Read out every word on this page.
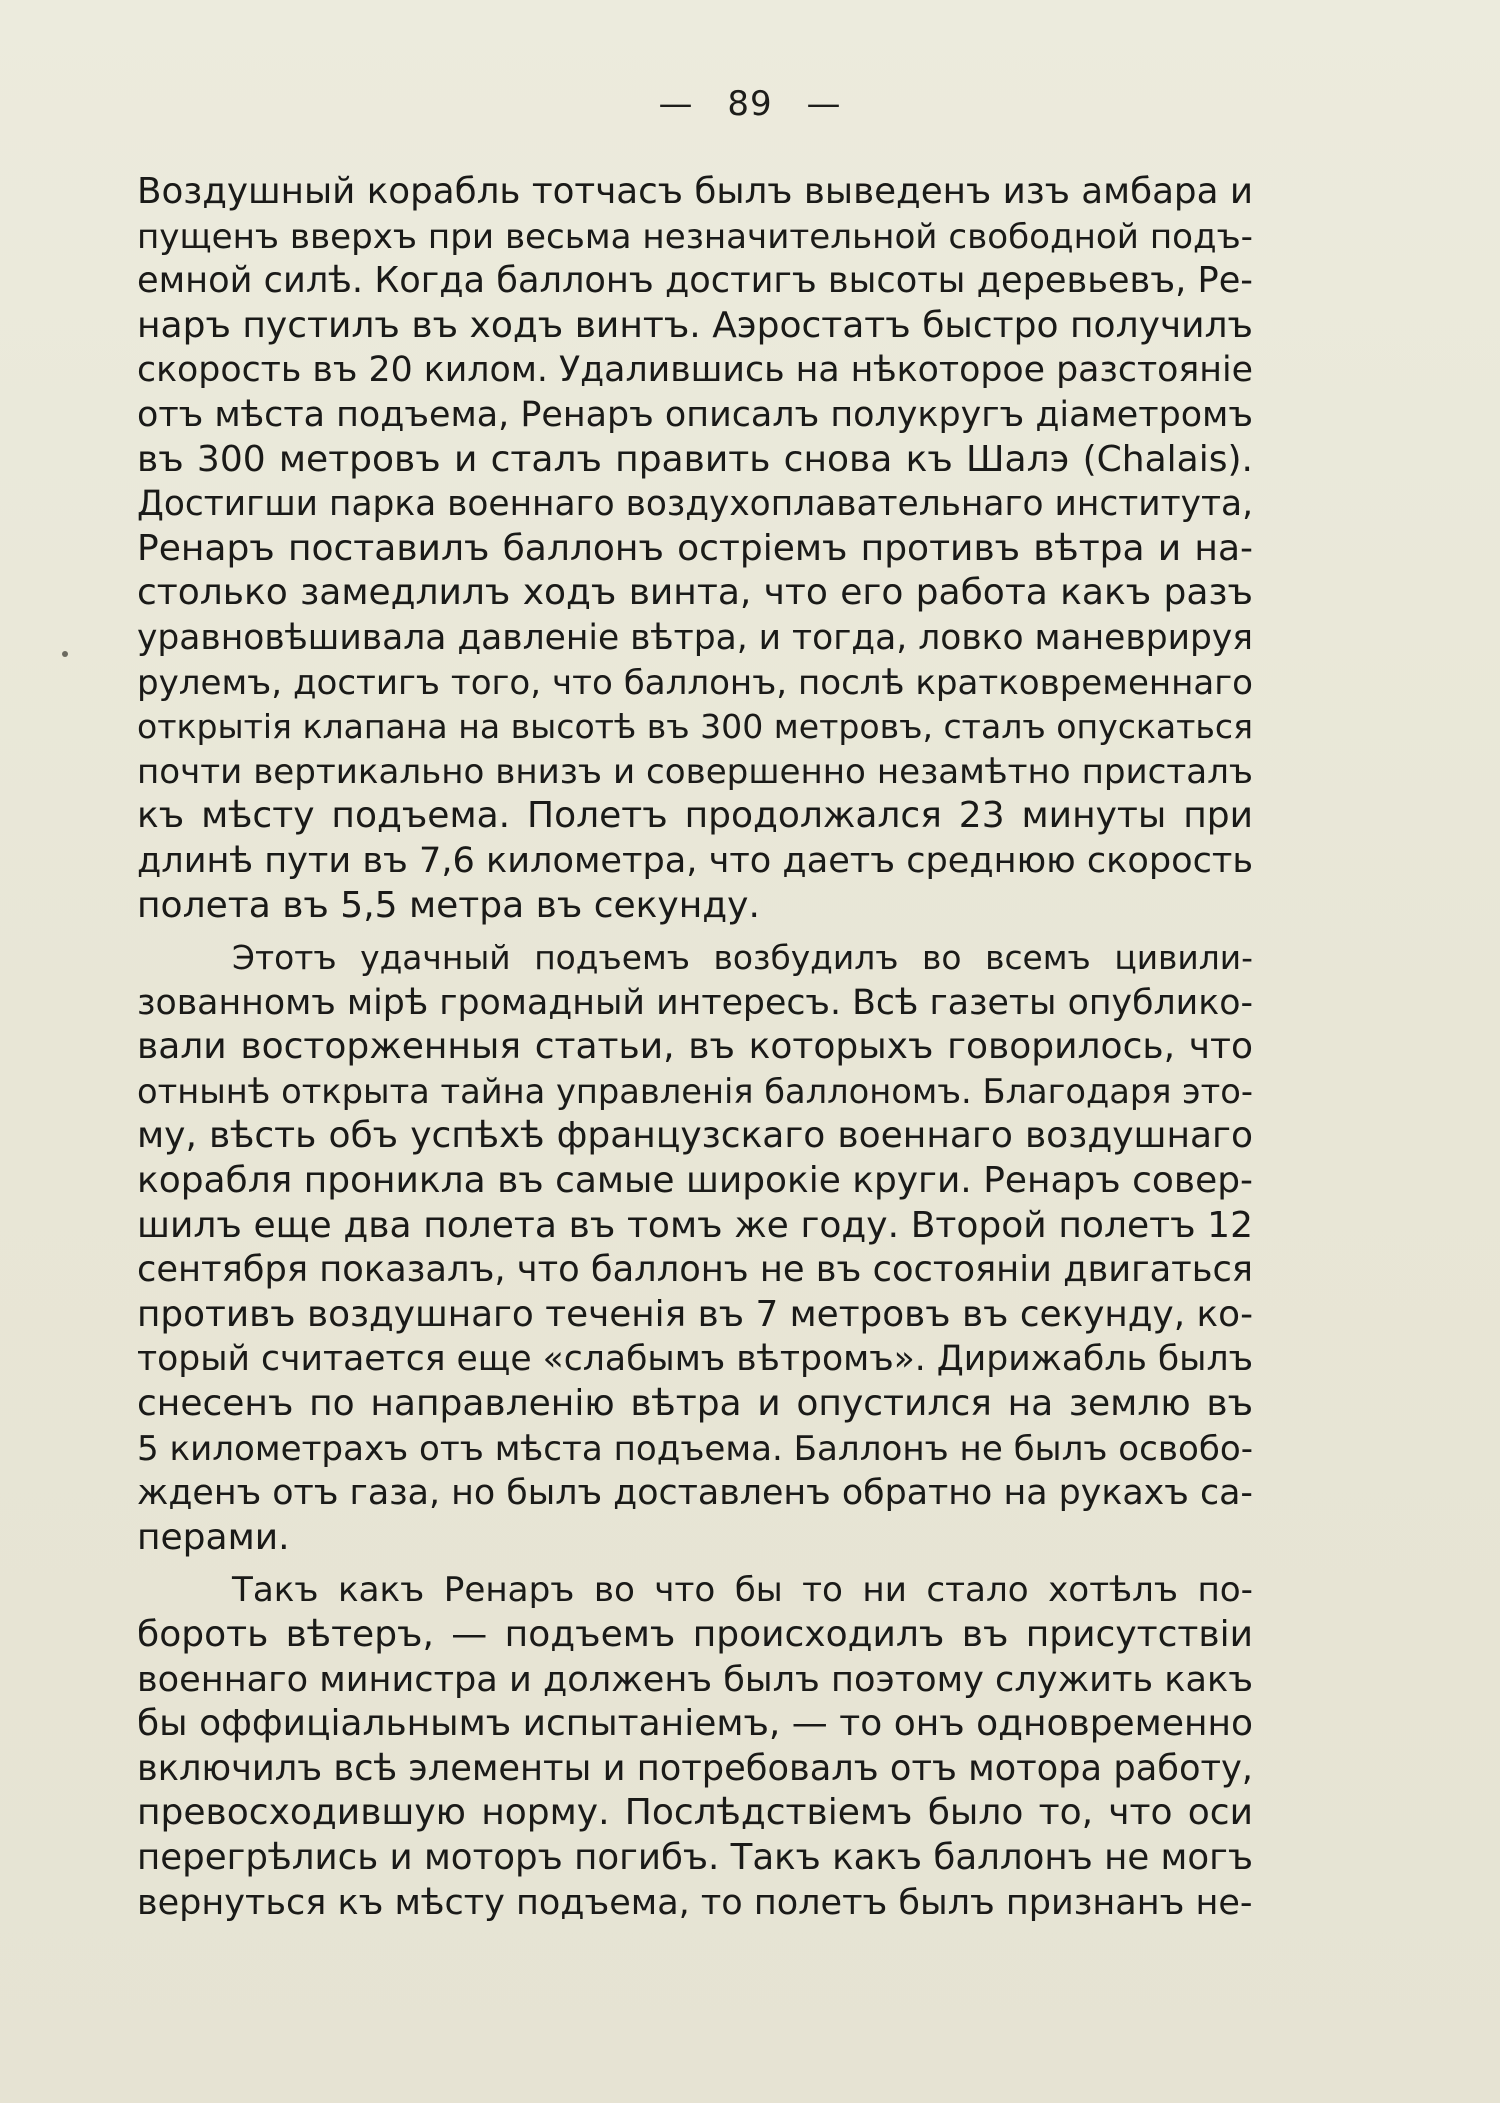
— 89 —
Воздушный корабль тотчасъ былъ выведенъ изъ амбара и
пущенъ вверхъ при весьма незначительной свободной подъ-
емной силѣ. Когда баллонъ достигъ высоты деревьевъ, Ре-
наръ пустилъ въ ходъ винтъ. Аэростатъ быстро получилъ
скорость въ 20 килом. Удалившись на нѣкоторое разстояніе
отъ мѣста подъема, Ренаръ описалъ полукругъ діаметромъ
въ 300 метровъ и сталъ править снова къ Шалэ (Chalais).
Достигши парка военнаго воздухоплавательнаго института,
Ренаръ поставилъ баллонъ остріемъ противъ вѣтра и на-
столько замедлилъ ходъ винта, что его работа какъ разъ
уравновѣшивала давленіе вѣтра, и тогда, ловко маневрируя
рулемъ, достигъ того, что баллонъ, послѣ кратковременнаго
открытія клапана на высотѣ въ 300 метровъ, сталъ опускаться
почти вертикально внизъ и совершенно незамѣтно присталъ
къ мѣсту подъема. Полетъ продолжался 23 минуты при
длинѣ пути въ 7,6 километра, что даетъ среднюю скорость
полета въ 5,5 метра въ секунду.
Этотъ удачный подъемъ возбудилъ во всемъ цивили-
зованномъ мірѣ громадный интересъ. Всѣ газеты опублико-
вали восторженныя статьи, въ которыхъ говорилось, что
отнынѣ открыта тайна управленія баллономъ. Благодаря это-
му, вѣсть объ успѣхѣ французскаго военнаго воздушнаго
корабля проникла въ самые широкіе круги. Ренаръ совер-
шилъ еще два полета въ томъ же году. Второй полетъ 12
сентября показалъ, что баллонъ не въ состояніи двигаться
противъ воздушнаго теченія въ 7 метровъ въ секунду, ко-
торый считается еще «слабымъ вѣтромъ». Дирижабль былъ
снесенъ по направленію вѣтра и опустился на землю въ
5 километрахъ отъ мѣста подъема. Баллонъ не былъ освобо-
жденъ отъ газа, но былъ доставленъ обратно на рукахъ са-
перами.
Такъ какъ Ренаръ во что бы то ни стало хотѣлъ по-
бороть вѣтеръ, — подъемъ происходилъ въ присутствіи
военнаго министра и долженъ былъ поэтому служить какъ
бы оффиціальнымъ испытаніемъ, — то онъ одновременно
включилъ всѣ элементы и потребовалъ отъ мотора работу,
превосходившую норму. Послѣдствіемъ было то, что оси
перегрѣлись и моторъ погибъ. Такъ какъ баллонъ не могъ
вернуться къ мѣсту подъема, то полетъ былъ признанъ не-
